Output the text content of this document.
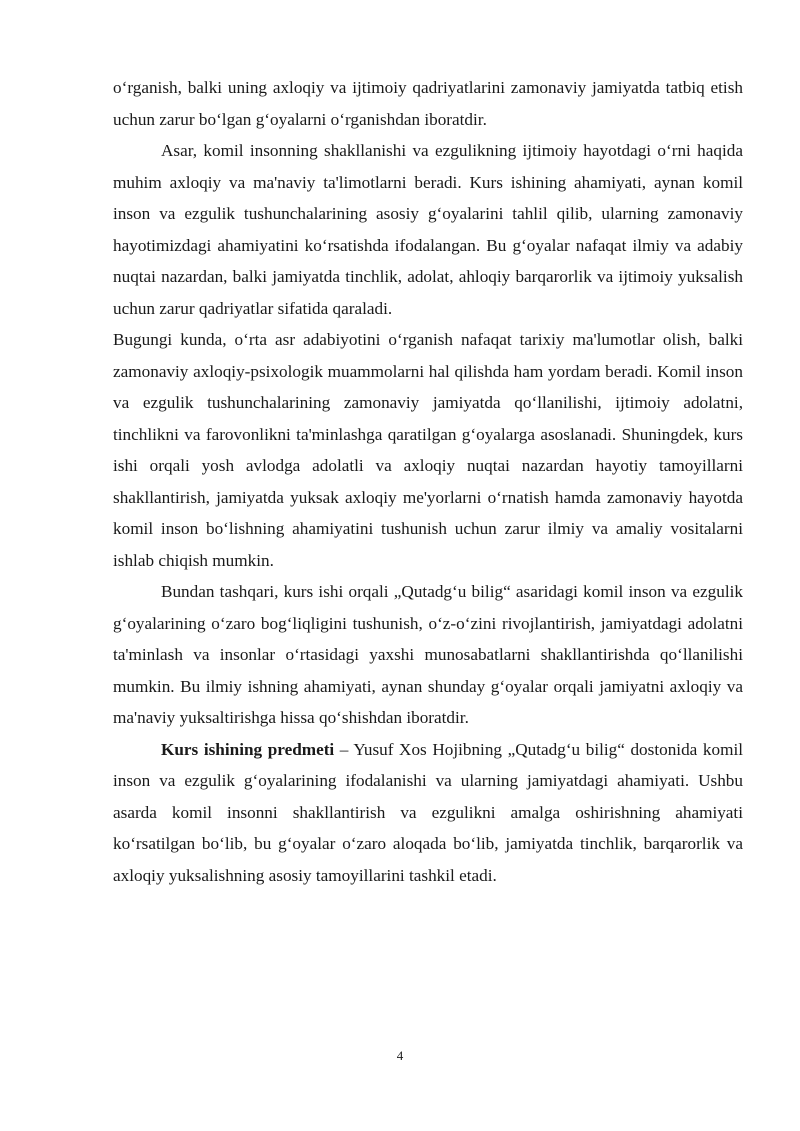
o‘rganish, balki uning axloqiy va ijtimoiy qadriyatlarini zamonaviy jamiyatda tatbiq etish uchun zarur bo‘lgan g‘oyalarni o‘rganishdan iboratdir.

Asar, komil insonning shakllanishi va ezgulikning ijtimoiy hayotdagi o‘rni haqida muhim axloqiy va ma'naviy ta'limotlarni beradi. Kurs ishining ahamiyati, aynan komil inson va ezgulik tushunchalarining asosiy g‘oyalarini tahlil qilib, ularning zamonaviy hayotimizdagi ahamiyatini ko‘rsatishda ifodalangan. Bu g‘oyalar nafaqat ilmiy va adabiy nuqtai nazardan, balki jamiyatda tinchlik, adolat, ahloqiy barqarorlik va ijtimoiy yuksalish uchun zarur qadriyatlar sifatida qaraladi.

Bugungi kunda, o‘rta asr adabiyotini o‘rganish nafaqat tarixiy ma'lumotlar olish, balki zamonaviy axloqiy-psixologik muammolarni hal qilishda ham yordam beradi. Komil inson va ezgulik tushunchalarining zamonaviy jamiyatda qo‘llanilishi, ijtimoiy adolatni, tinchlikni va farovonlikni ta'minlashga qaratilgan g‘oyalarga asoslanadi. Shuningdek, kurs ishi orqali yosh avlodga adolatli va axloqiy nuqtai nazardan hayotiy tamoyillarni shakllantirish, jamiyatda yuksak axloqiy me'yorlarni o‘rnatish hamda zamonaviy hayotda komil inson bo‘lishning ahamiyatini tushunish uchun zarur ilmiy va amaliy vositalarni ishlab chiqish mumkin.

Bundan tashqari, kurs ishi orqali „Qutadg‘u bilig“ asaridagi komil inson va ezgulik g‘oyalarining o‘zaro bog‘liqligini tushunish, o‘z-o‘zini rivojlantirish, jamiyatdagi adolatni ta'minlash va insonlar o‘rtasidagi yaxshi munosabatlarni shakllantirishda qo‘llanilishi mumkin. Bu ilmiy ishning ahamiyati, aynan shunday g‘oyalar orqali jamiyatni axloqiy va ma'naviy yuksaltirishga hissa qo‘shishdan iboratdir.

Kurs ishining predmeti – Yusuf Xos Hojibning „Qutadg‘u bilig“ dostonida komil inson va ezgulik g‘oyalarining ifodalanishi va ularning jamiyatdagi ahamiyati. Ushbu asarda komil insonni shakllantirish va ezgulikni amalga oshirishning ahamiyati ko‘rsatilgan bo‘lib, bu g‘oyalar o‘zaro aloqada bo‘lib, jamiyatda tinchlik, barqarorlik va axloqiy yuksalishning asosiy tamoyillarini tashkil etadi.

4
